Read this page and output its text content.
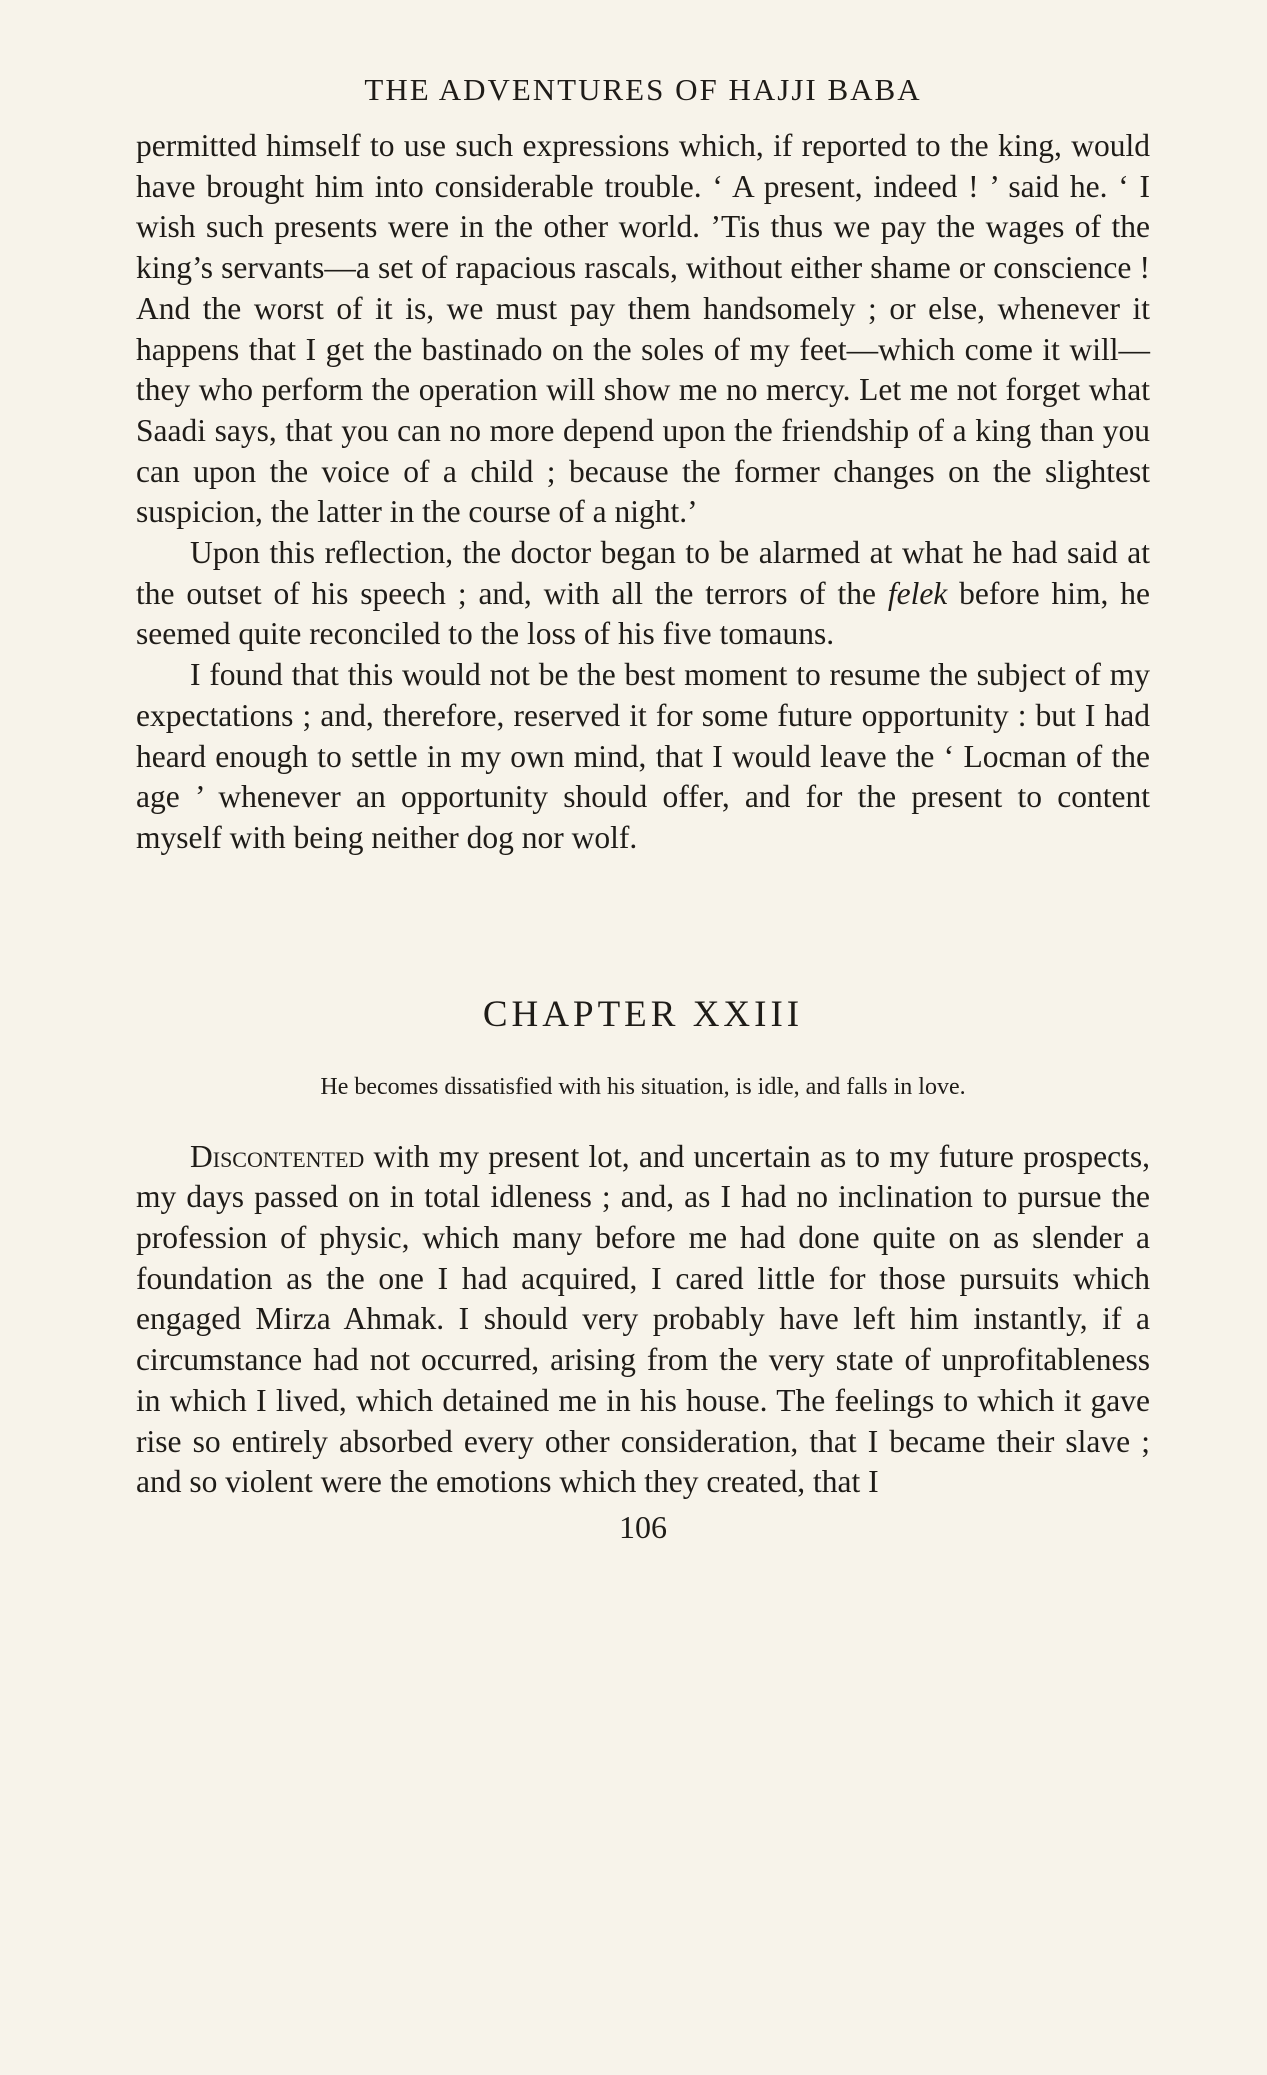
THE ADVENTURES OF HAJJI BABA

permitted himself to use such expressions which, if reported to the king, would have brought him into considerable trouble. ‘ A present, indeed ! ’ said he. ‘ I wish such presents were in the other world. ’Tis thus we pay the wages of the king’s servants—a set of rapacious rascals, without either shame or conscience ! And the worst of it is, we must pay them handsomely ; or else, whenever it happens that I get the bastinado on the soles of my feet—which come it will—they who perform the operation will show me no mercy. Let me not forget what Saadi says, that you can no more depend upon the friendship of a king than you can upon the voice of a child ; because the former changes on the slightest suspicion, the latter in the course of a night.’

Upon this reflection, the doctor began to be alarmed at what he had said at the outset of his speech ; and, with all the terrors of the felek before him, he seemed quite reconciled to the loss of his five tomauns.

I found that this would not be the best moment to resume the subject of my expectations ; and, therefore, reserved it for some future opportunity : but I had heard enough to settle in my own mind, that I would leave the ‘ Locman of the age ’ whenever an opportunity should offer, and for the present to content myself with being neither dog nor wolf.

CHAPTER XXIII
He becomes dissatisfied with his situation, is idle, and falls in love.

Discontented with my present lot, and uncertain as to my future prospects, my days passed on in total idleness ; and, as I had no inclination to pursue the profession of physic, which many before me had done quite on as slender a foundation as the one I had acquired, I cared little for those pursuits which engaged Mirza Ahmak. I should very probably have left him instantly, if a circumstance had not occurred, arising from the very state of unprofitableness in which I lived, which detained me in his house. The feelings to which it gave rise so entirely absorbed every other consideration, that I became their slave ; and so violent were the emotions which they created, that I

106
